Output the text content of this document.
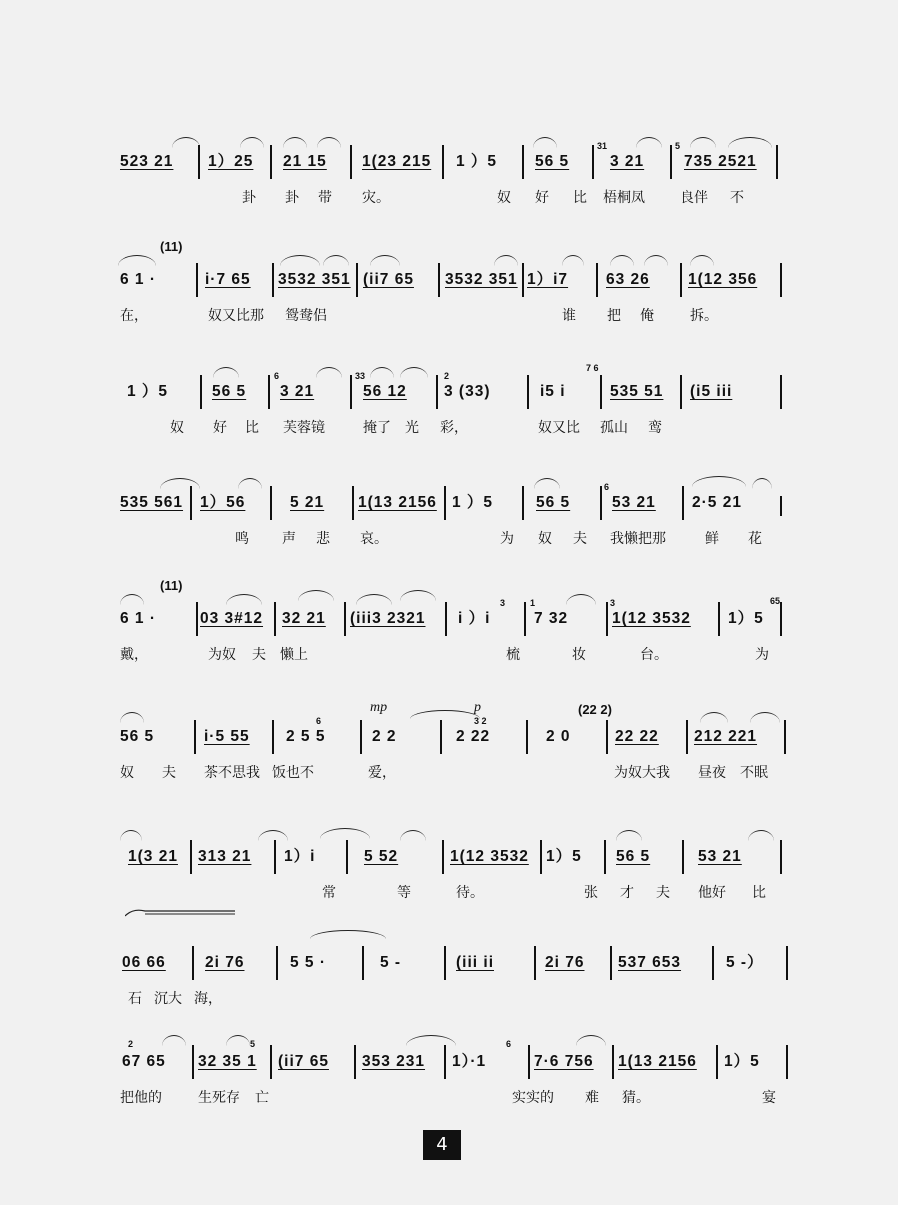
523 21 1）25 21 15 1(23 215 1 ）5 56 5
31
3 21
5
735 2521
卦 卦 带 灾。	奴 好 比 梧桐凤	良伴 不
(11)
6 1 ·	i·7 65 3532 351 (ii7 65 3532 351 1）i7 63 26 1(12 356
在，	奴又比那 鸳鸯侣	谁 把 俺	拆。
1 ）5	56 5
6
3 21
33
56 12
2
3 (33)	i5 i
7 6
535 51 (i5 iii
奴 好 比 芙蓉镜	掩了 光 彩，	奴又比 孤山 鸾
535 561 1）56	5 21 1(13 2156 1 ）5	56 5
6
53 21 2·5 21
鸣 声 悲 哀。	为 奴 夫 我懒把那	鲜 花
(11)
6 1 ·	03 3#12 32 21 (iii3 2321
3
i ）i
1
7 32
3
1(12 3532
65
1）5
戴，	为奴 夫 懒上	梳	妆	台。	为
mp	p	(22 2)
56 5	i·5 55
6
2 5 5	2 2
3 2
2 22	2 0	22 22 212 221
奴 夫 茶不思我 饭也不	爱，	为奴大我 昼夜 不眠
1(3 21 313 21 1）i	5 52	1(12 3532 1）5 56 5	53 21
常	等	待。	张 才 夫 他好 比
06 66	2i 76	5 5 ·	5 -	(iii ii	2i 76 537 653	5 -）
石 沉大 海，
2
67 65
5
32 35 1 (ii7 65 353 231
6
1）·1	7·6 756 1(13 2156 1）5
把他的	生死存 亡	实实的 难 猜。	宴
4
